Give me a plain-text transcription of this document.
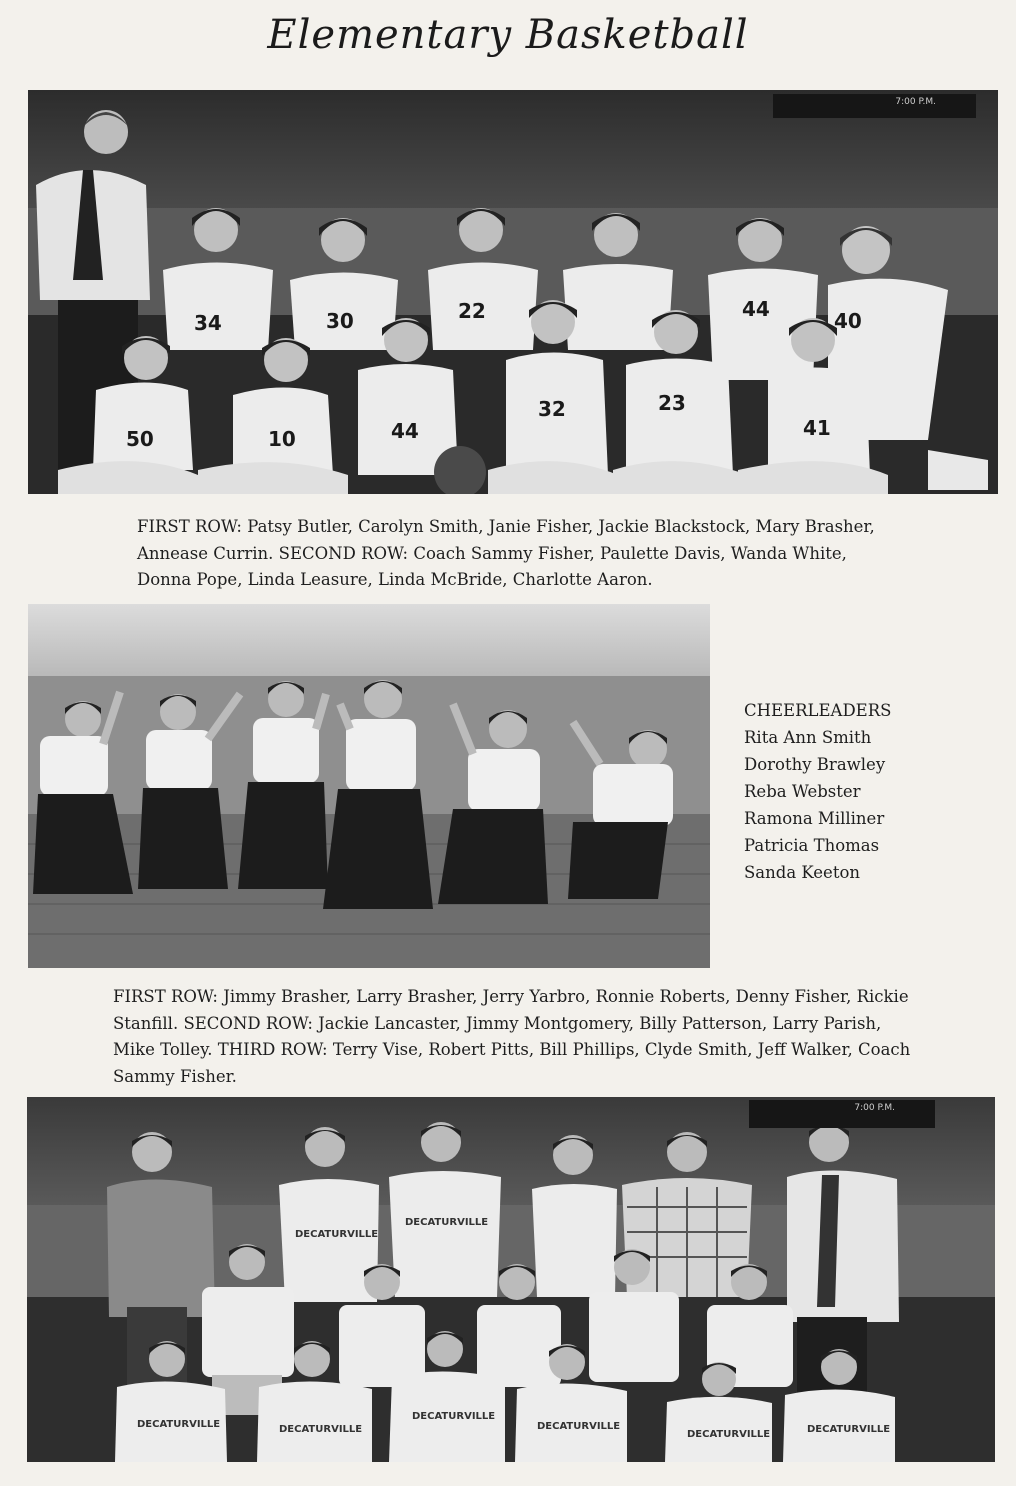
Elementary Basketball
34	30	22	44	40
50	10	44
32	23
41
7:00 P.M.

FIRST ROW: Patsy Butler, Carolyn Smith, Janie Fisher, Jackie Blackstock, Mary Brasher, Annease Currin. SECOND ROW: Coach Sammy Fisher, Paulette Davis, Wanda White, Donna Pope, Linda Leasure, Linda McBride, Charlotte Aaron.

CHEERLEADERS
Rita Ann Smith
Dorothy Brawley
Reba Webster
Ramona Milliner
Patricia Thomas
Sanda Keeton

FIRST ROW: Jimmy Brasher, Larry Brasher, Jerry Yarbro, Ronnie Roberts, Denny Fisher, Rickie Stanfill. SECOND ROW: Jackie Lancaster, Jimmy Montgomery, Billy Patterson, Larry Parish, Mike Tolley. THIRD ROW: Terry Vise, Robert Pitts, Bill Phillips, Clyde Smith, Jeff Walker, Coach Sammy Fisher.

DECATURVILLE
DECATURVILLE
DECATURVILLE	DECATURVILLE
DECATURVILLE
DECATURVILLE
DECATURVILLE	DECATURVILLE
7:00 P.M.
